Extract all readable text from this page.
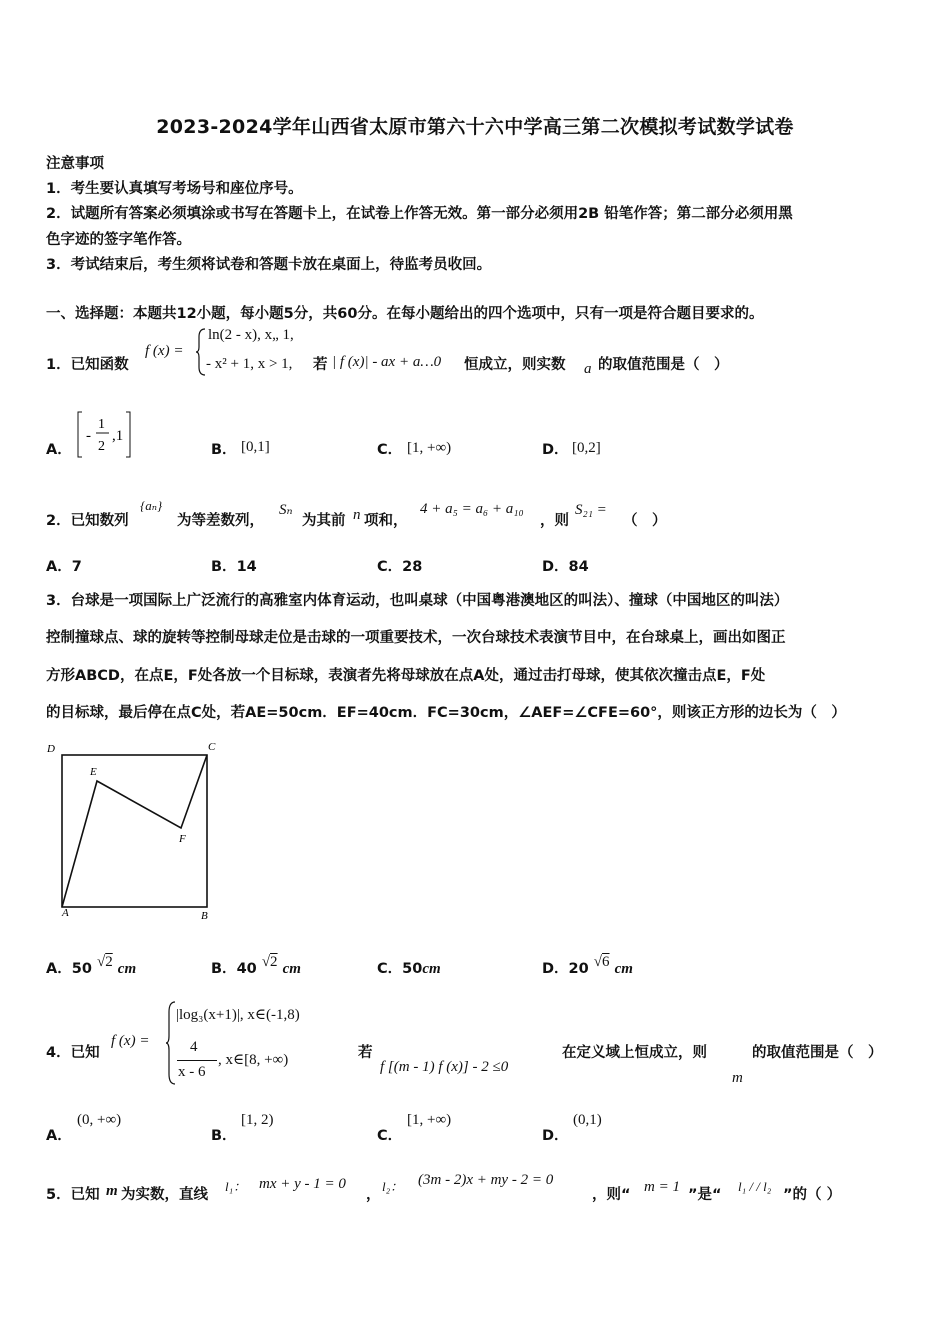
2023-2024学年山西省太原市第六十六中学高三第二次模拟考试数学试卷
注意事项
1．考生要认真填写考场号和座位序号。
2．试题所有答案必须填涂或书写在答题卡上，在试卷上作答无效。第一部分必须用2B 铅笔作答；第二部分必须用黑
色字迹的签字笔作答。
3．考试结束后，考生须将试卷和答题卡放在桌面上，待监考员收回。
一、选择题：本题共12小题，每小题5分，共60分。在每小题给出的四个选项中，只有一项是符合题目要求的。
1．已知函数
f (x) =
ln(2 - x), x„ 1,
- x² + 1, x > 1, 若 | f (x)| - ax + a…0 恒成立，则实数 a 的取值范围是（　）
A．
-
1
2
,1
B． [0,1]	C． [1, +∞)	D． [0,2]
2．已知数列
{aₙ}
为等差数列，
Sₙ
为其前 n 项和，
4 + a₅ = a₆ + a₁₀
，则
S₂₁ =
（　）
A．7	B．14	C．28	D．84
3．台球是一项国际上广泛流行的高雅室内体育运动，也叫桌球（中国粤港澳地区的叫法）、撞球（中国地区的叫法）
控制撞球点、球的旋转等控制母球走位是击球的一项重要技术，一次台球技术表演节目中，在台球桌上，画出如图正
方形ABCD，在点E，F处各放一个目标球，表演者先将母球放在点A处，通过击打母球，使其依次撞击点E，F处
的目标球，最后停在点C处，若AE=50cm．EF=40cm．FC=30cm，∠AEF=∠CFE=60°，则该正方形的边长为（　）
D	C
E
F
A	B
A．50 √2 cm	B．40 √2 cm	C．50cm	D．20 √6 cm
4．已知
f (x) =
|log₃(x+1)|, x∈(-1,8)
4
x - 6
, x∈[8, +∞)	若
f [(m - 1) f (x)] - 2 ≤0
在定义域上恒成立，则
m
的取值范围是（　）
A．
(0, +∞)
B．
[1, 2)
C．
[1, +∞)
D．
(0,1)
5．已知 m 为实数，直线
l₁： mx + y - 1 = 0
，
l₂： (3m - 2)x + my - 2 = 0
，则“ m = 1 ”是“
l₁ / / l₂
”的（ ）
